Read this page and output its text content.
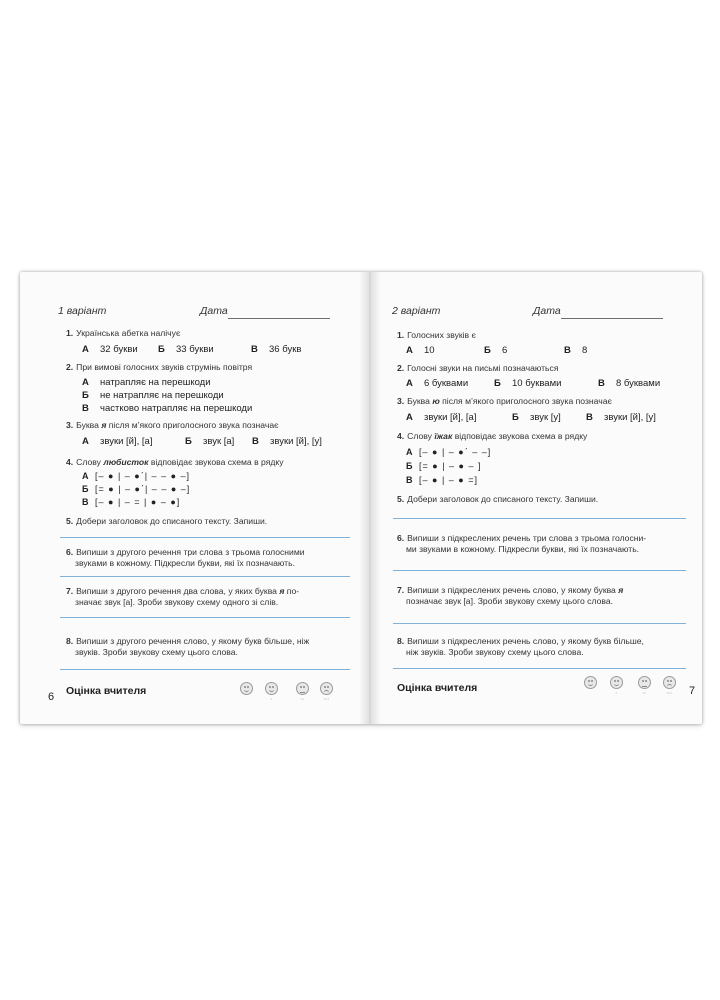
1 варіант	Дата
1. Українська абетка налічує
А 32 букви Б 33 букви	В 36 букв
2. При вимові голосних звуків струмінь повітря
А натрапляє на перешкоди
Б не натрапляє на перешкоди
В частково натрапляє на перешкоди
3. Буква я після м’якого приголосного звука позначає
А звуки [й], [а]	Б звук [а] В звуки [й], [у]
4. Слову любисток відповідає звукова схема в рядку
А [– ● | – ●΄| – – ● –]
Б [= ● | – ●΄| – – ● –]
В [– ● | – = | ● – ●]
5. Добери заголовок до списаного тексту. Запиши.
6. Випиши з другого речення три слова з трьома голосними
звуками в кожному. Підкресли букви, які їх позначають.
7. Випиши з другого речення два слова, у яких буква я по-
значає звук [а]. Зроби звукову схему одного зі слів.
8. Випиши з другого речення слово, у якому букв більше, ніж
звуків. Зроби звукову схему цього слова.
6 Оцінка вчителя
•	••	•••
2 варіант	Дата
1. Голосних звуків є
А 10	Б 6	В 8
2. Голосні звуки на письмі позначаються
А 6 буквами	Б 10 буквами	В 8 буквами
3. Буква ю після м’якого приголосного звука позначає
А звуки [й], [а]	Б звук [у]	В звуки [й], [у]
4. Слову їжак відповідає звукова схема в рядку
А [– ● | – ●΄ – –]
Б [= ● | – ● – ]
В [– ● | – ● =]
5. Добери заголовок до списаного тексту. Запиши.
6. Випиши з підкреслених речень три слова з трьома голосни-
ми звуками в кожному. Підкресли букви, які їх позначають.
7. Випиши з підкреслених речень слово, у якому буква я
позначає звук [а]. Зроби звукову схему цього слова.
8. Випиши з підкреслених речень слово, у якому букв більше,
ніж звуків. Зроби звукову схему цього слова.
Оцінка вчителя	•	••	•••	7
